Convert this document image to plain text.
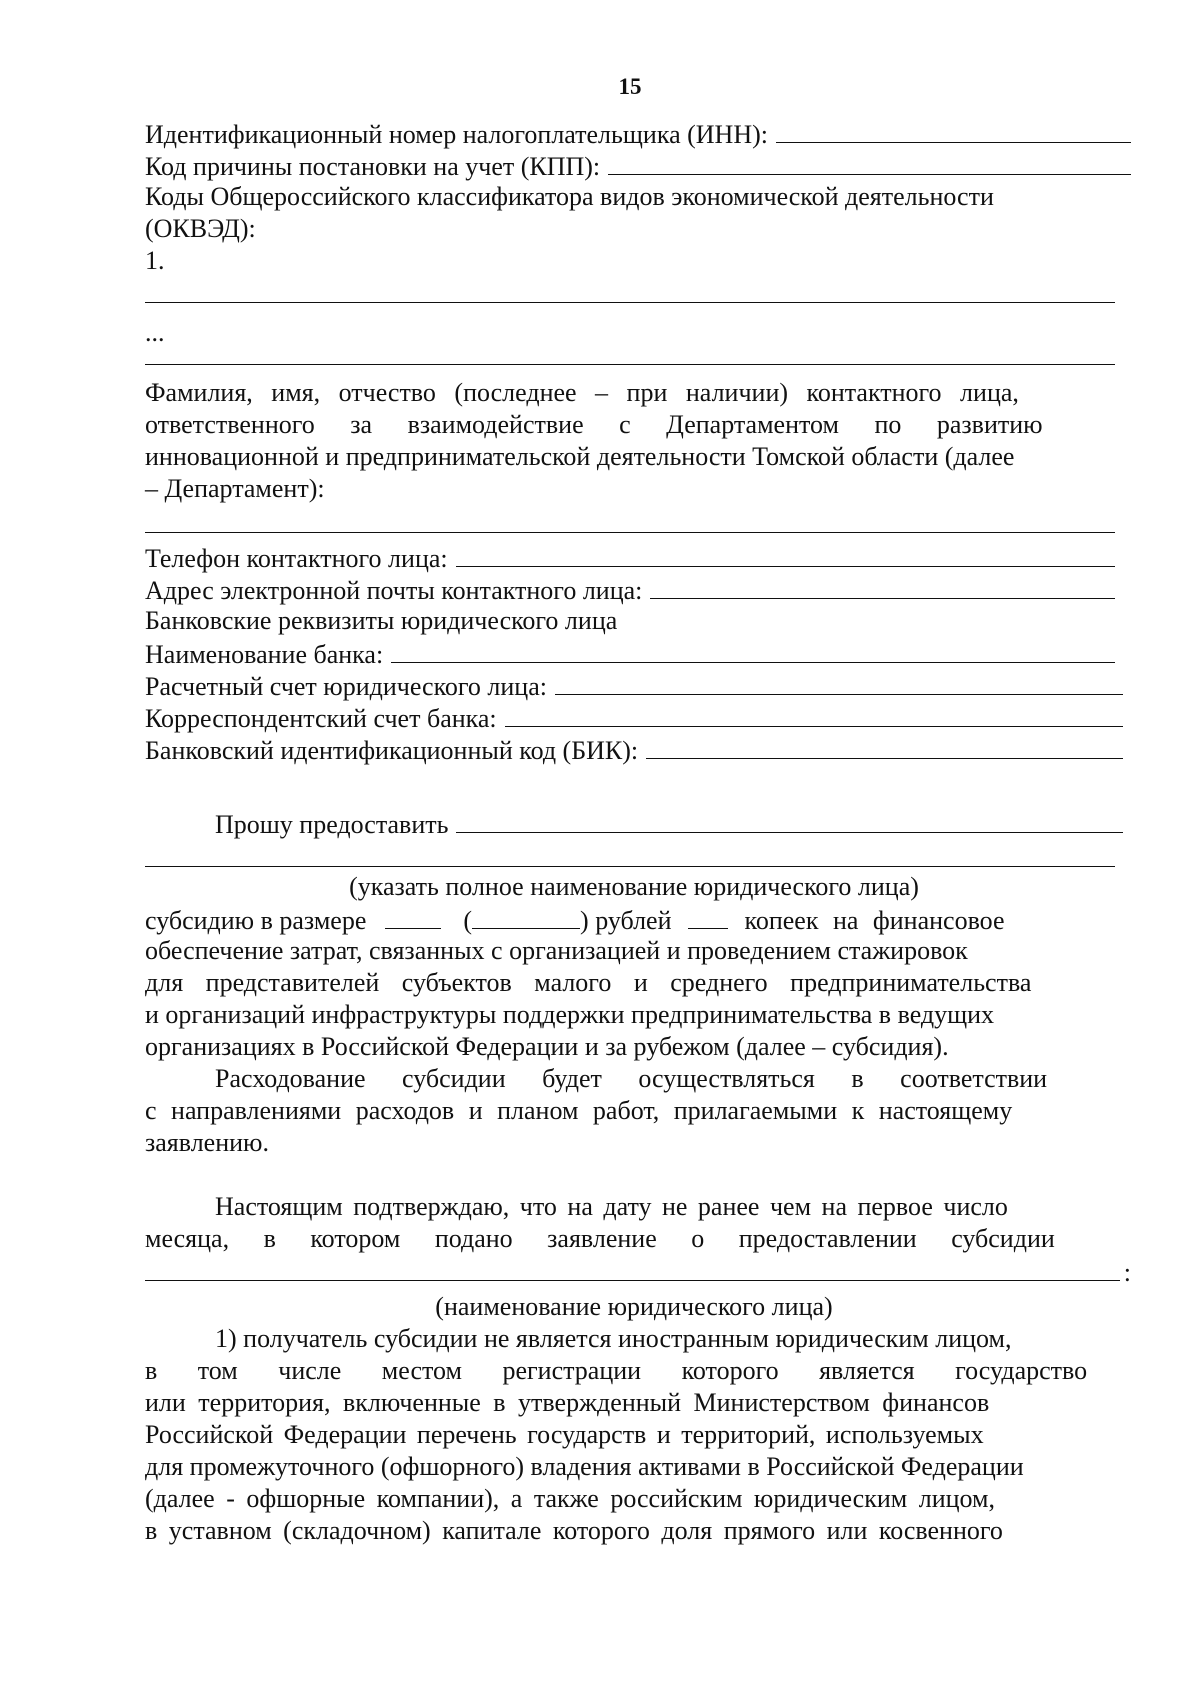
15
Идентификационный номер налогоплательщика (ИНН):
Код причины постановки на учет (КПП):
Коды Общероссийского классификатора видов экономической деятельности
(ОКВЭД):
1.
...
Фамилия, имя, отчество (последнее – при наличии) контактного лица,
ответственного за взаимодействие с Департаментом по развитию
инновационной и предпринимательской деятельности Томской области (далее
– Департамент):
Телефон контактного лица:
Адрес электронной почты контактного лица:
Банковские реквизиты юридического лица
Наименование банка:
Расчетный счет юридического лица:
Корреспондентский счет банка:
Банковский идентификационный код (БИК):
Прошу предоставить
(указать полное наименование юридического лица)
субсидию в размере	(	) рублей	копеек на финансовое
обеспечение затрат, связанных с организацией и проведением стажировок
для представителей субъектов малого и среднего предпринимательства
и организаций инфраструктуры поддержки предпринимательства в ведущих
организациях в Российской Федерации и за рубежом (далее – субсидия).
Расходование субсидии будет осуществляться в соответствии
с направлениями расходов и планом работ, прилагаемыми к настоящему
заявлению.
Настоящим подтверждаю, что на дату не ранее чем на первое число
месяца, в котором подано заявление о предоставлении субсидии
:
(наименование юридического лица)
1) получатель субсидии не является иностранным юридическим лицом,
в том числе местом регистрации которого является государство
или территория, включенные в утвержденный Министерством финансов
Российской Федерации перечень государств и территорий, используемых
для промежуточного (офшорного) владения активами в Российской Федерации
(далее - офшорные компании), а также российским юридическим лицом,
в уставном (складочном) капитале которого доля прямого или косвенного
